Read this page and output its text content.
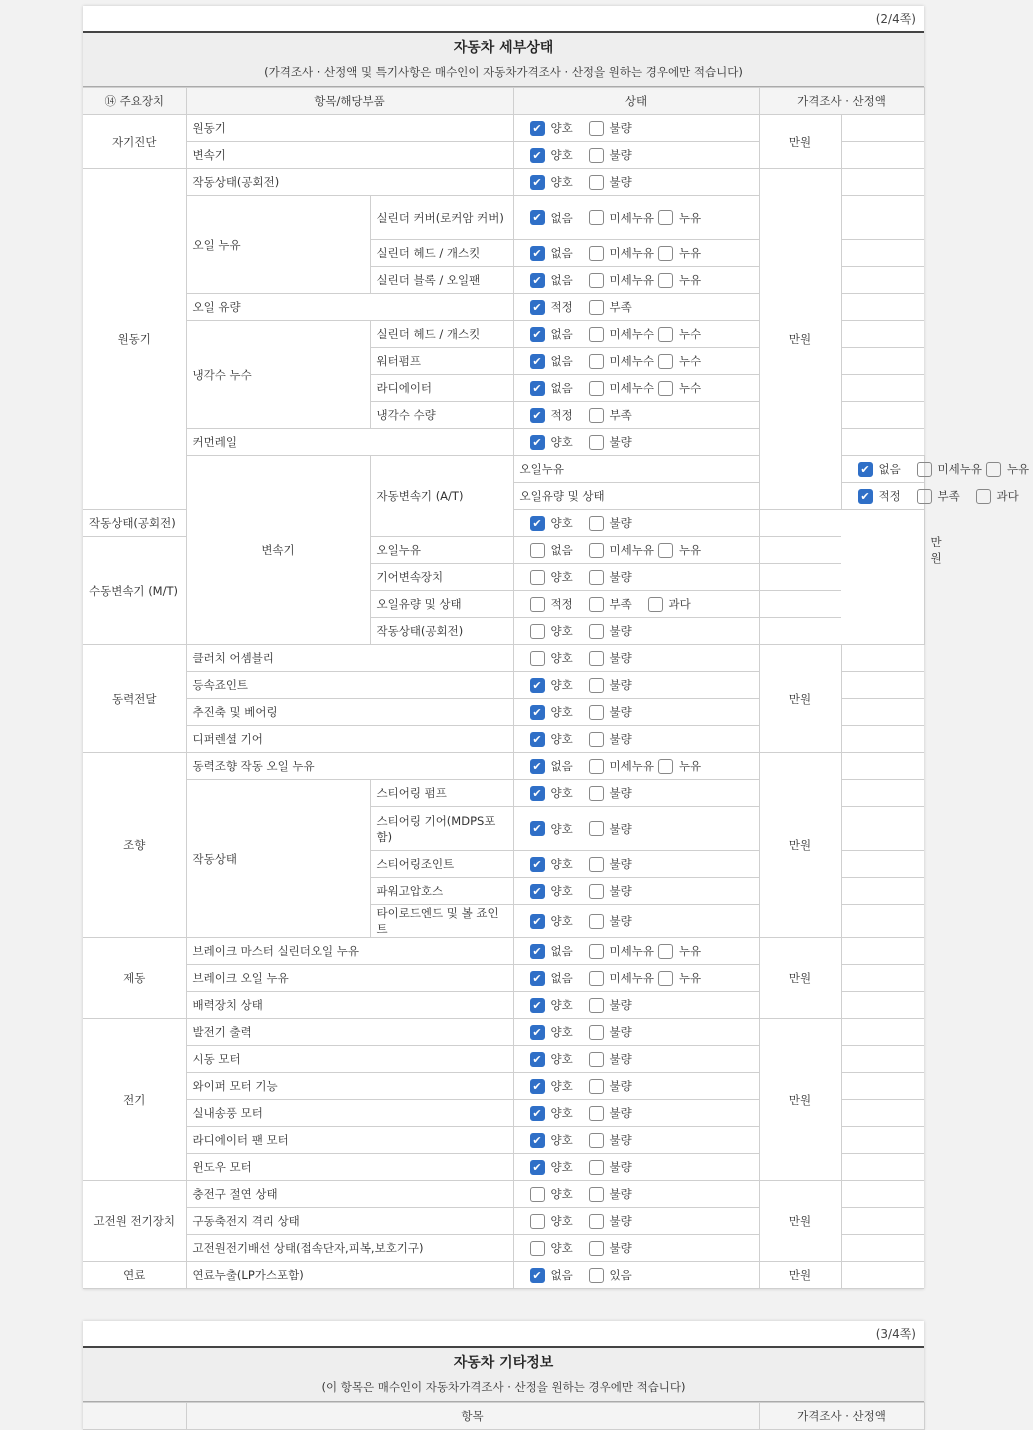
(2/4쪽)
자동차 세부상태
(가격조사 · 산정액 및 특기사항은 매수인이 자동차가격조사 · 산정을 원하는 경우에만 적습니다)
⑭ 주요장치	항목/해당부품		상태	가격조사 · 산정액		
자기진단	원동기		✔ 양호 불량	만원		
	변속기		✔ 양호 불량			

원동기	작동상태(공회전)		✔ 양호 불량	만원		
	오일 누유	실린더 커버(로커암 커버)	✔ 없음 미세누유 누유			

		실린더 헤드 / 개스킷	✔ 없음 미세누유 누유			

		실린더 블록 / 오일팬	✔ 없음 미세누유 누유			

	오일 유량		✔ 적정 부족			

	냉각수 누수	실린더 헤드 / 개스킷	✔ 없음 미세누수 누수			

		워터펌프	✔ 없음 미세누수 누수			

		라디에이터	✔ 없음 미세누수 누수			

		냉각수 수량	✔ 적정 부족			

	커먼레일		✔ 양호 불량			

	변속기	자동변속기 (A/T)	오일누유		✔ 없음 미세누유 누유	만원	
			오일유량 및 상태		✔ 적정 부족 과다	

작동상태(공회전)			✔ 양호 불량			

수동변속기 (M/T)		오일누유	없음 미세누유 누유			

		기어변속장치	양호 불량			

		오일유량 및 상태	적정 부족 과다			

		작동상태(공회전)	양호 불량			

동력전달	클러치 어셈블리		양호 불량	만원		
	등속죠인트		✔ 양호 불량			

	추진축 및 베어링		✔ 양호 불량			

	디퍼렌셜 기어		✔ 양호 불량			

조향	동력조향 작동 오일 누유		✔ 없음 미세누유 누유	만원		
	작동상태	스티어링 펌프	✔ 양호 불량			

		스티어링 기어(MDPS포함)	✔ 양호 불량			

		스티어링조인트	✔ 양호 불량			

		파워고압호스	✔ 양호 불량			

		타이로드엔드 및 볼 죠인트	✔ 양호 불량			

제동	브레이크 마스터 실린더오일 누유		✔ 없음 미세누유 누유	만원		
	브레이크 오일 누유		✔ 없음 미세누유 누유			

	배력장치 상태		✔ 양호 불량			

전기	발전기 출력		✔ 양호 불량	만원		
	시동 모터		✔ 양호 불량			

	와이퍼 모터 기능		✔ 양호 불량			

	실내송풍 모터		✔ 양호 불량			

	라디에이터 팬 모터		✔ 양호 불량			

	윈도우 모터		✔ 양호 불량			

고전원 전기장치	충전구 절연 상태		양호 불량	만원		
	구동축전지 격리 상태		양호 불량			

	고전원전기배선 상태(접속단자,피복,보호기구)		양호 불량			

연료	연료누출(LP가스포함)		✔ 없음 있음	만원		
(3/4쪽)
자동차 기타정보
(이 항목은 매수인이 자동차가격조사 · 산정을 원하는 경우에만 적습니다)
	항목	가격조사 · 산정액
